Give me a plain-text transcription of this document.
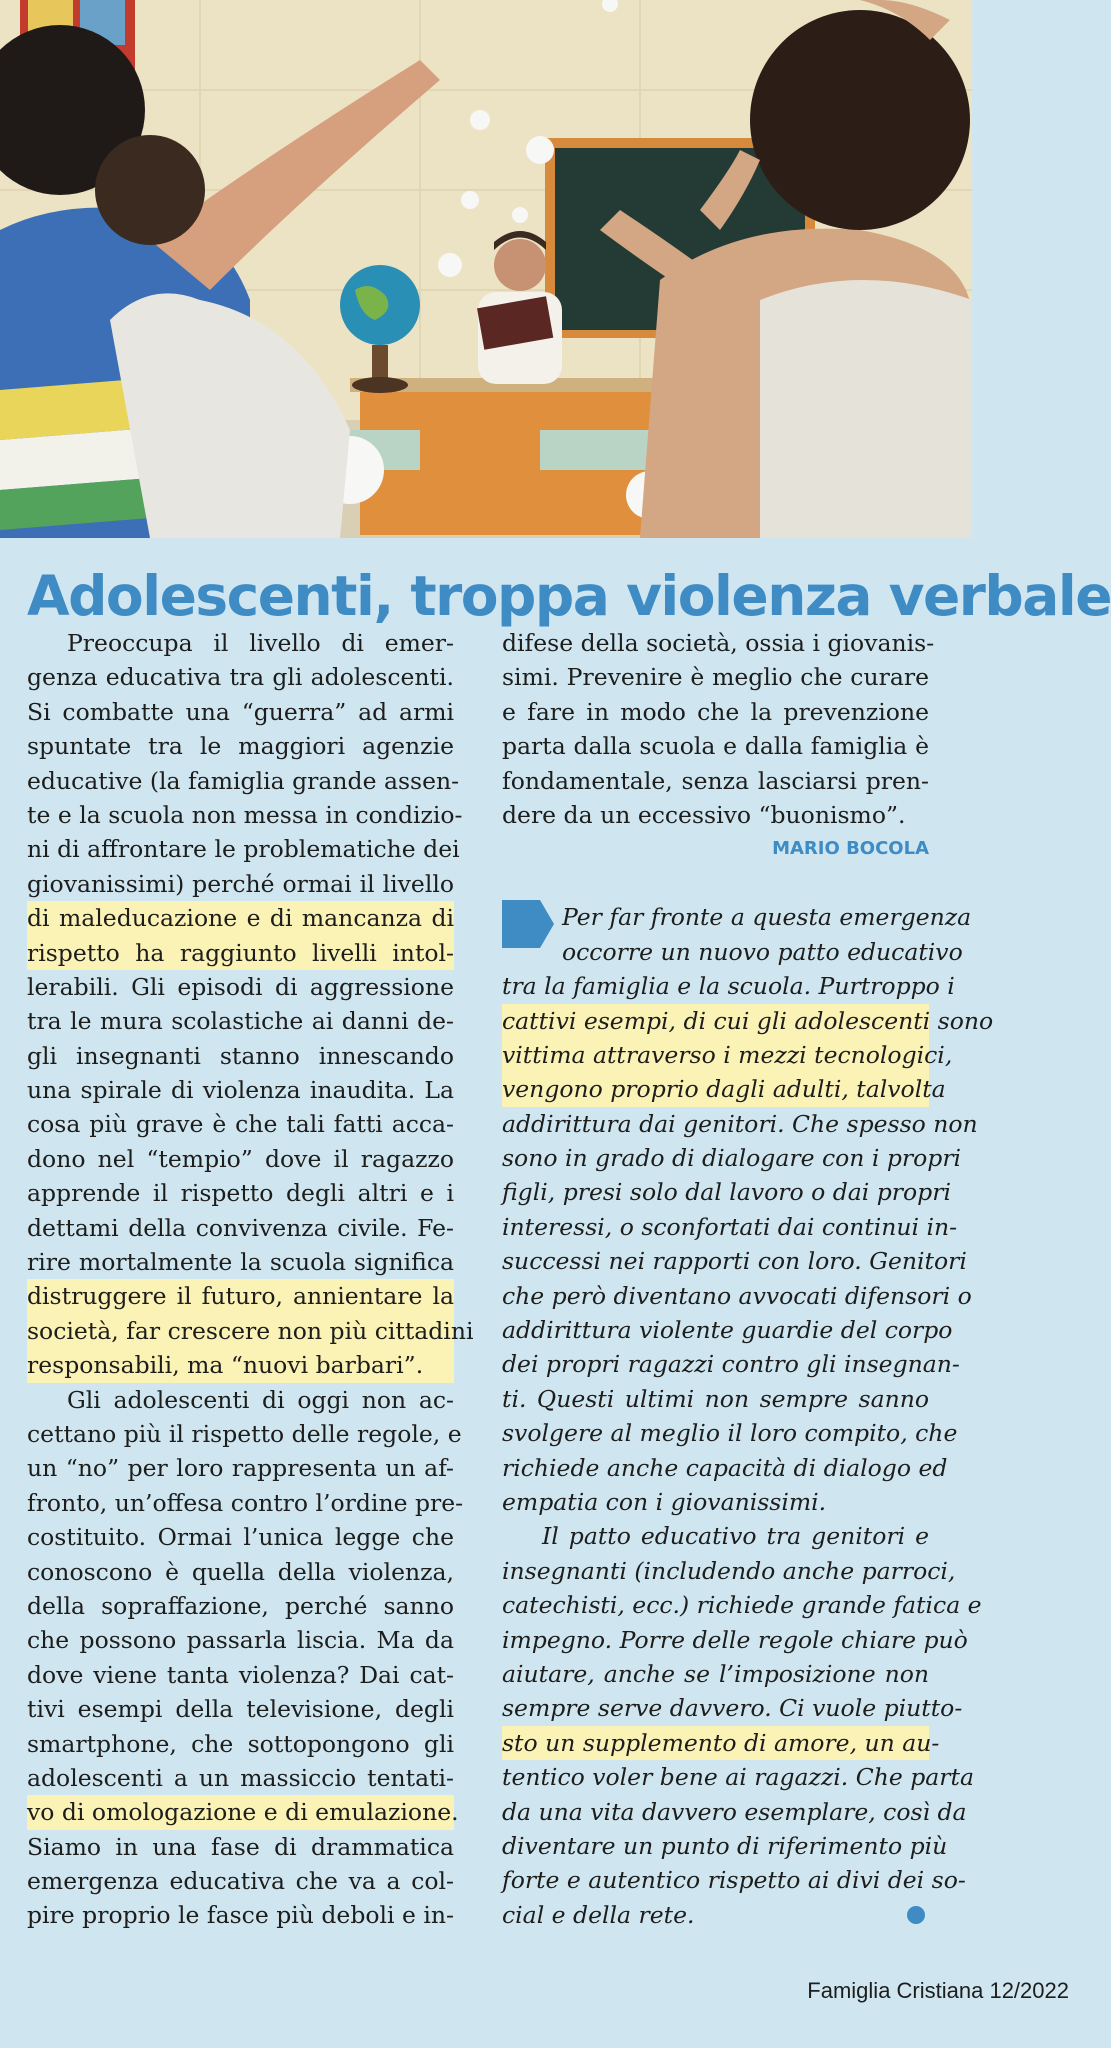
Adolescenti, troppa violenza verbale
Preoccupa il livello di emer-
genza educativa tra gli adolescenti.
Si combatte una “guerra” ad armi
spuntate tra le maggiori agenzie
educative (la famiglia grande assen-
te e la scuola non messa in condizio-
ni di affrontare le problematiche dei
giovanissimi) perché ormai il livello
di maleducazione e di mancanza di
rispetto ha raggiunto livelli intol-
lerabili. Gli episodi di aggressione
tra le mura scolastiche ai danni de-
gli insegnanti stanno innescando
una spirale di violenza inaudita. La
cosa più grave è che tali fatti acca-
dono nel “tempio” dove il ragazzo
apprende il rispetto degli altri e i
dettami della convivenza civile. Fe-
rire mortalmente la scuola significa
distruggere il futuro, annientare la
società, far crescere non più cittadini
responsabili, ma “nuovi barbari”.
Gli adolescenti di oggi non ac-
cettano più il rispetto delle regole, e
un “no” per loro rappresenta un af-
fronto, un’offesa contro l’ordine pre-
costituito. Ormai l’unica legge che
conoscono è quella della violenza,
della sopraffazione, perché sanno
che possono passarla liscia. Ma da
dove viene tanta violenza? Dai cat-
tivi esempi della televisione, degli
smartphone, che sottopongono gli
adolescenti a un massiccio tentati-
vo di omologazione e di emulazione.
Siamo in una fase di drammatica
emergenza educativa che va a col-
pire proprio le fasce più deboli e in-
difese della società, ossia i giovanis-
simi. Prevenire è meglio che curare
e fare in modo che la prevenzione
parta dalla scuola e dalla famiglia è
fondamentale, senza lasciarsi pren-
dere da un eccessivo “buonismo”.
MARIO BOCOLA
Per far fronte a questa emergenza
occorre un nuovo patto educativo
tra la famiglia e la scuola. Purtroppo i
cattivi esempi, di cui gli adolescenti sono
vittima attraverso i mezzi tecnologici,
vengono proprio dagli adulti, talvolta
addirittura dai genitori. Che spesso non
sono in grado di dialogare con i propri
figli, presi solo dal lavoro o dai propri
interessi, o sconfortati dai continui in-
successi nei rapporti con loro. Genitori
che però diventano avvocati difensori o
addirittura violente guardie del corpo
dei propri ragazzi contro gli insegnan-
ti. Questi ultimi non sempre sanno
svolgere al meglio il loro compito, che
richiede anche capacità di dialogo ed
empatia con i giovanissimi.
Il patto educativo tra genitori e
insegnanti (includendo anche parroci,
catechisti, ecc.) richiede grande fatica e
impegno. Porre delle regole chiare può
aiutare, anche se l’imposizione non
sempre serve davvero. Ci vuole piutto-
sto un supplemento di amore, un au-
tentico voler bene ai ragazzi. Che parta
da una vita davvero esemplare, così da
diventare un punto di riferimento più
forte e autentico rispetto ai divi dei so-
cial e della rete.
Famiglia Cristiana 12/2022
